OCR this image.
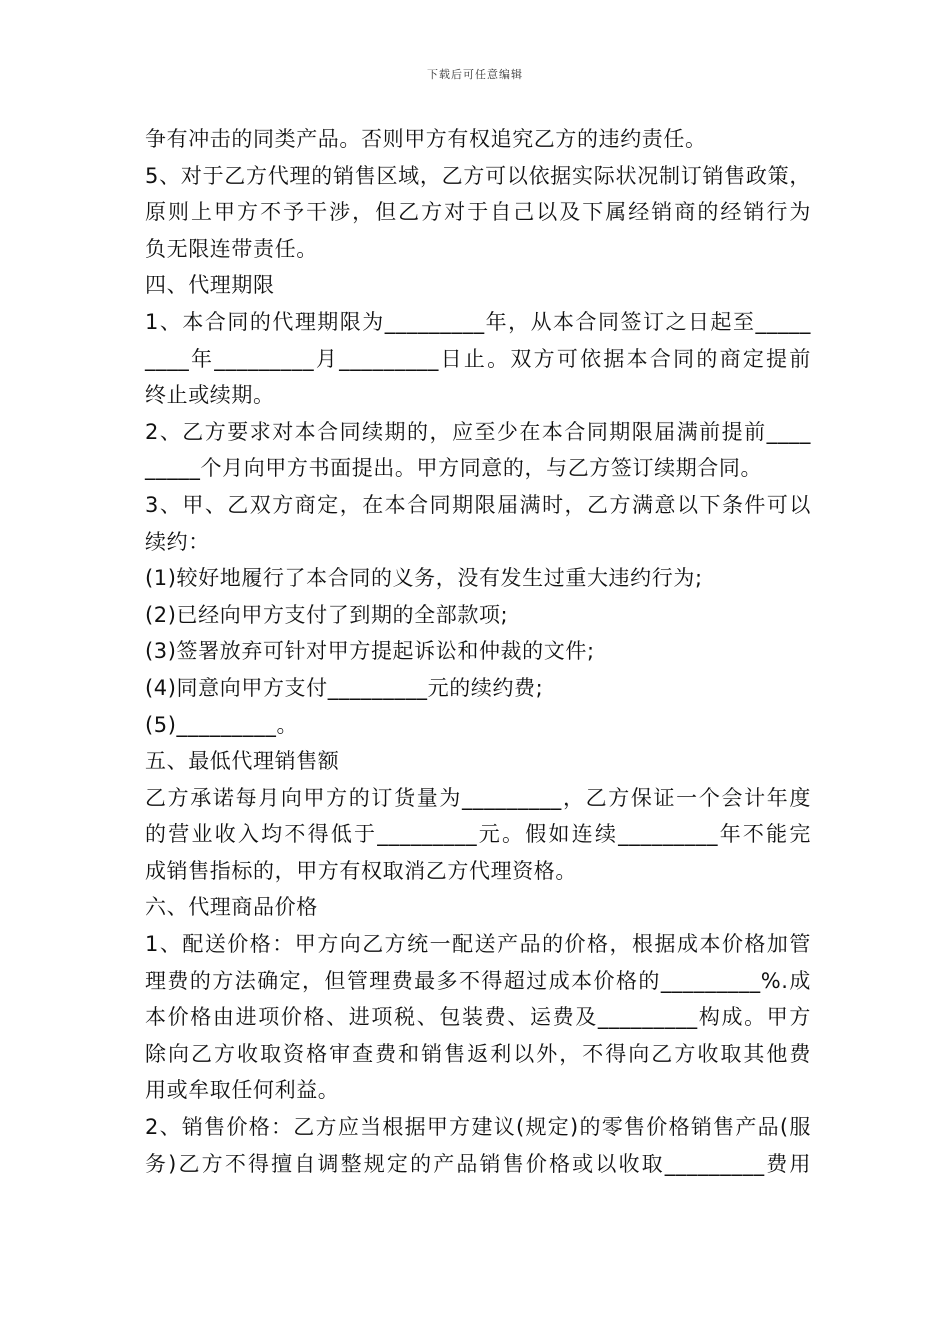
下载后可任意编辑
争有冲击的同类产品。否则甲方有权追究乙方的违约责任。
5、对于乙方代理的销售区域，乙方可以依据实际状况制订销售政策，
原则上甲方不予干涉，但乙方对于自己以及下属经销商的经销行为
负无限连带责任。
四、代理期限
1、本合同的代理期限为_________年，从本合同签订之日起至_____
____年_________月_________日止。双方可依据本合同的商定提前
终止或续期。
2、乙方要求对本合同续期的，应至少在本合同期限届满前提前____
_____个月向甲方书面提出。甲方同意的，与乙方签订续期合同。
3、甲、乙双方商定，在本合同期限届满时，乙方满意以下条件可以
续约：
(1)较好地履行了本合同的义务，没有发生过重大违约行为;
(2)已经向甲方支付了到期的全部款项;
(3)签署放弃可针对甲方提起诉讼和仲裁的文件;
(4)同意向甲方支付_________元的续约费;
(5)_________。
五、最低代理销售额
乙方承诺每月向甲方的订货量为_________，乙方保证一个会计年度
的营业收入均不得低于_________元。假如连续_________年不能完
成销售指标的，甲方有权取消乙方代理资格。
六、代理商品价格
1、配送价格：甲方向乙方统一配送产品的价格，根据成本价格加管
理费的方法确定，但管理费最多不得超过成本价格的_________%.成
本价格由进项价格、进项税、包装费、运费及_________构成。甲方
除向乙方收取资格审查费和销售返利以外，不得向乙方收取其他费
用或牟取任何利益。
2、销售价格：乙方应当根据甲方建议(规定)的零售价格销售产品(服
务)乙方不得擅自调整规定的产品销售价格或以收取_________费用
